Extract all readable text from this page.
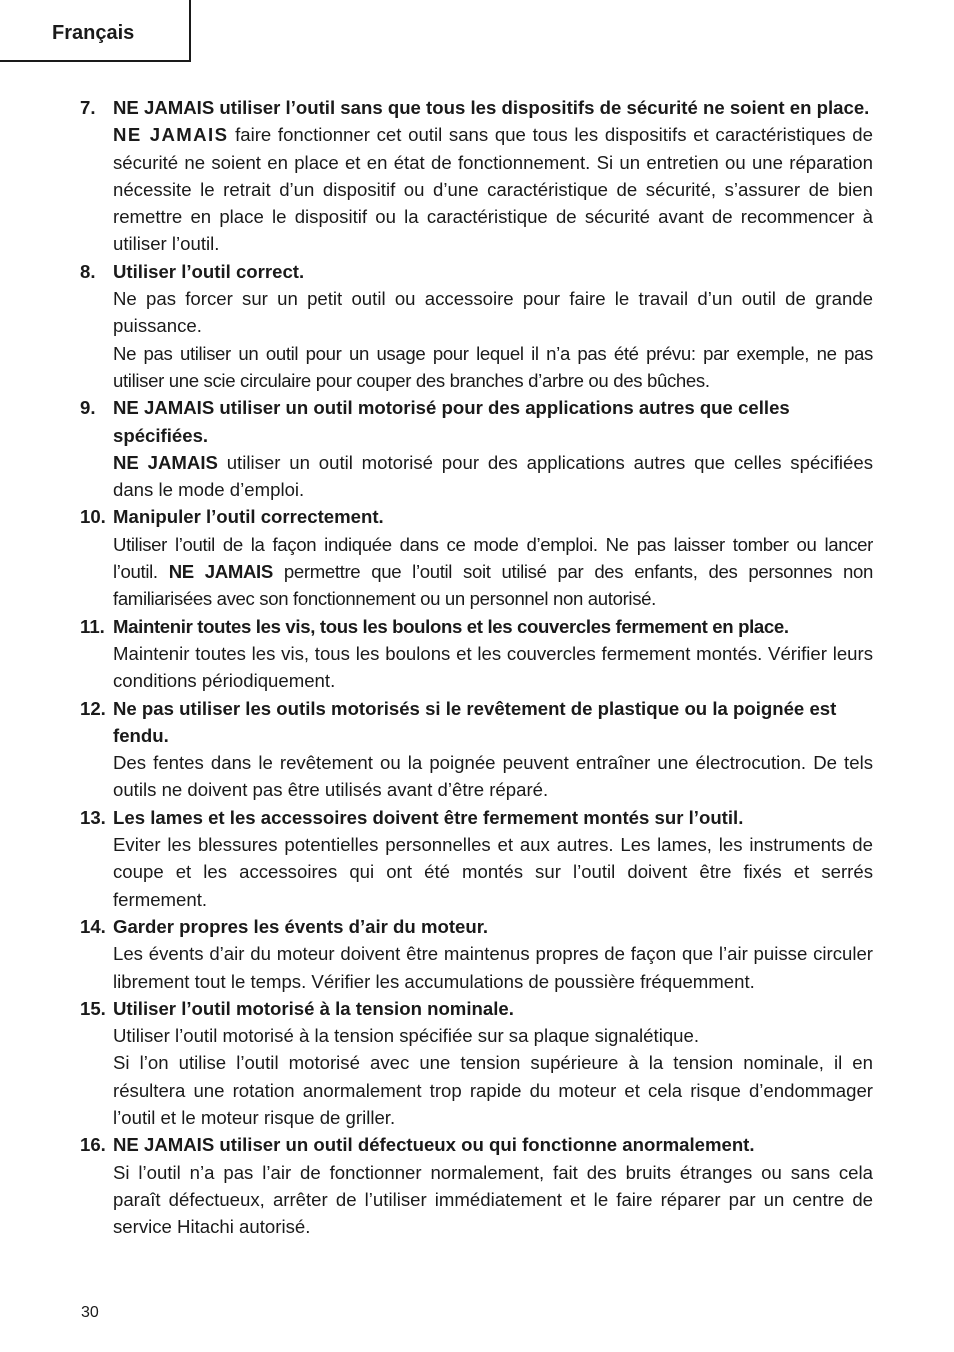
Français
7. NE JAMAIS utiliser l’outil sans que tous les dispositifs de sécurité ne soient en place.
NE JAMAIS faire fonctionner cet outil sans que tous les dispositifs et caractéristiques de sécurité ne soient en place et en état de fonctionnement. Si un entretien ou une réparation nécessite le retrait d’un dispositif ou d’une caractéristique de sécurité, s’assurer de bien remettre en place le dispositif ou la caractéristique de sécurité avant de recommencer à utiliser l’outil.
8. Utiliser l’outil correct.
Ne pas forcer sur un petit outil ou accessoire pour faire le travail d’un outil de grande puissance.
Ne pas utiliser un outil pour un usage pour lequel il n’a pas été prévu: par exemple, ne pas utiliser une scie circulaire pour couper des branches d’arbre ou des bûches.
9. NE JAMAIS utiliser un outil motorisé pour des applications autres que celles spécifiées.
NE JAMAIS utiliser un outil motorisé pour des applications autres que celles spécifiées dans le mode d’emploi.
10. Manipuler l’outil correctement.
Utiliser l’outil de la façon indiquée dans ce mode d’emploi. Ne pas laisser tomber ou lancer l’outil. NE JAMAIS permettre que l’outil soit utilisé par des enfants, des personnes non familiarisées avec son fonctionnement ou un personnel non autorisé.
11. Maintenir toutes les vis, tous les boulons et les couvercles fermement en place.
Maintenir toutes les vis, tous les boulons et les couvercles fermement montés. Vérifier leurs conditions périodiquement.
12. Ne pas utiliser les outils motorisés si le revêtement de plastique ou la poignée est fendu.
Des fentes dans le revêtement ou la poignée peuvent entraîner une électrocution. De tels outils ne doivent pas être utilisés avant d’être réparé.
13. Les lames et les accessoires doivent être fermement montés sur l’outil.
Eviter les blessures potentielles personnelles et aux autres. Les lames, les instruments de coupe et les accessoires qui ont été montés sur l’outil doivent être fixés et serrés fermement.
14. Garder propres les évents d’air du moteur.
Les évents d’air du moteur doivent être maintenus propres de façon que l’air puisse circuler librement tout le temps. Vérifier les accumulations de poussière fréquemment.
15. Utiliser l’outil motorisé à la tension nominale.
Utiliser l’outil motorisé à la tension spécifiée sur sa plaque signalétique.
Si l’on utilise l’outil motorisé avec une tension supérieure à la tension nominale, il en résultera une rotation anormalement trop rapide du moteur et cela risque d’endommager l’outil et le moteur risque de griller.
16. NE JAMAIS utiliser un outil défectueux ou qui fonctionne anormalement.
Si l’outil n’a pas l’air de fonctionner normalement, fait des bruits étranges ou sans cela paraît défectueux, arrêter de l’utiliser immédiatement et le faire réparer par un centre de service Hitachi autorisé.
30
